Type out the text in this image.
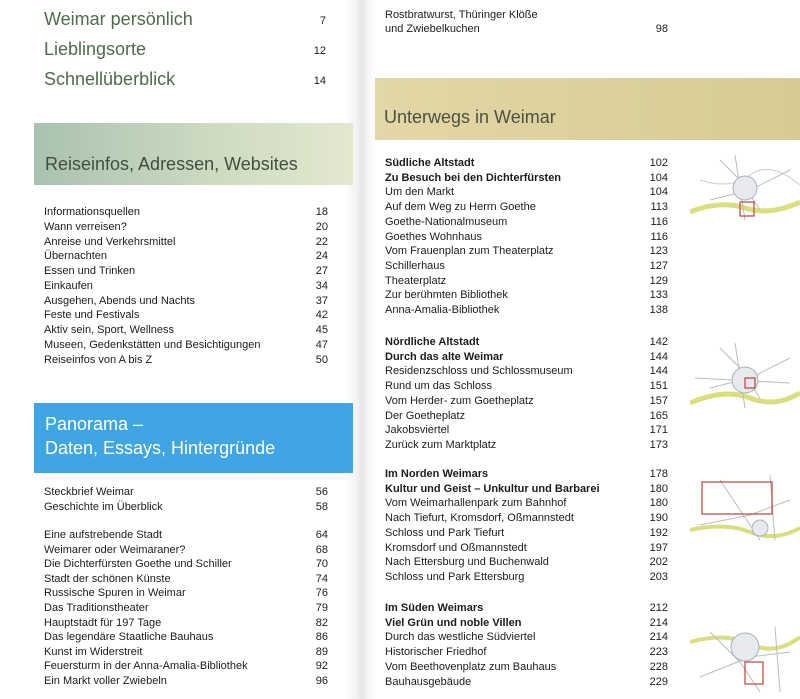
Weimar persönlich	7
Lieblingsorte	12
Schnellüberblick	14
Reiseinfos, Adressen, Websites
Informationsquellen	18
Wann verreisen?	20
Anreise und Verkehrsmittel	22
Übernachten	24
Essen und Trinken	27
Einkaufen	34
Ausgehen, Abends und Nachts	37
Feste und Festivals	42
Aktiv sein, Sport, Wellness	45
Museen, Gedenkstätten und Besichtigungen	47
Reiseinfos von A bis Z	50
Panorama –
Daten, Essays, Hintergründe
Steckbrief Weimar	56
Geschichte im Überblick	58
Eine aufstrebende Stadt	64
Weimarer oder Weimaraner?	68
Die Dichterfürsten Goethe und Schiller	70
Stadt der schönen Künste	74
Russische Spuren in Weimar	76
Das Traditionstheater	79
Hauptstadt für 197 Tage	82
Das legendäre Staatliche Bauhaus	86
Kunst im Widerstreit	89
Feuersturm in der Anna-Amalia-Bibliothek	92
Ein Markt voller Zwiebeln	96
Rostbratwurst, Thüringer Klöße
und Zwiebelkuchen	98
Unterwegs in Weimar
Südliche Altstadt	102
Zu Besuch bei den Dichterfürsten	104
Um den Markt	104
Auf dem Weg zu Herrn Goethe	113
Goethe-Nationalmuseum	116
Goethes Wohnhaus	116
Vom Frauenplan zum Theaterplatz	123
Schillerhaus	127
Theaterplatz	129
Zur berühmten Bibliothek	133
Anna-Amalia-Bibliothek	138
Nördliche Altstadt	142
Durch das alte Weimar	144
Residenzschloss und Schlossmuseum	144
Rund um das Schloss	151
Vom Herder- zum Goetheplatz	157
Der Goetheplatz	165
Jakobsviertel	171
Zurück zum Marktplatz	173
Im Norden Weimars	178
Kultur und Geist – Unkultur und Barbarei	180
Vom Weimarhallenpark zum Bahnhof	180
Nach Tiefurt, Kromsdorf, Oßmannstedt	190
Schloss und Park Tiefurt	192
Kromsdorf und Oßmannstedt	197
Nach Ettersburg und Buchenwald	202
Schloss und Park Ettersburg	203
Im Süden Weimars	212
Viel Grün und noble Villen	214
Durch das westliche Südviertel	214
Historischer Friedhof	223
Vom Beethovenplatz zum Bauhaus	228
Bauhausgebäude	229
